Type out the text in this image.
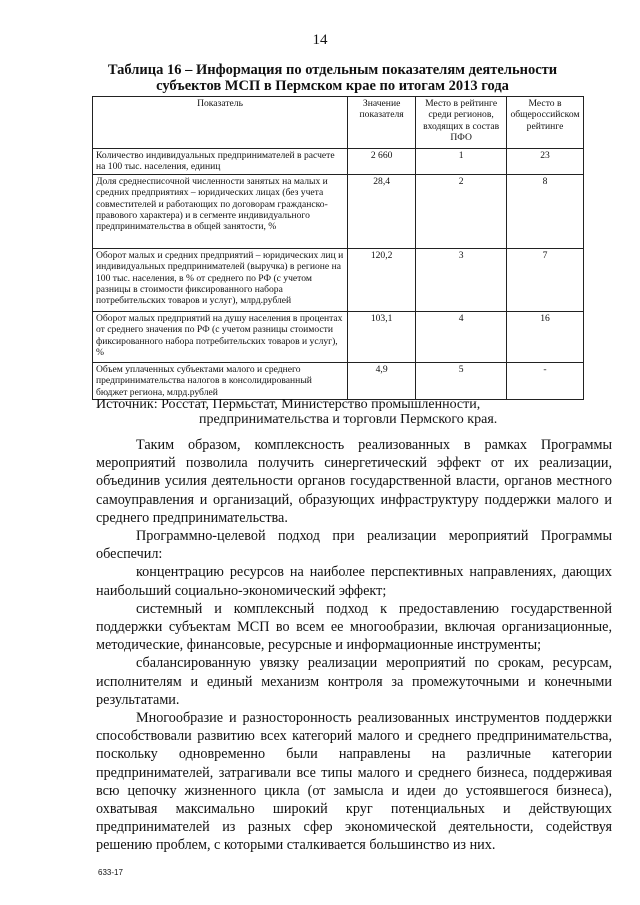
14
Таблица 16 – Информация по отдельным показателям деятельности
субъектов МСП в Пермском крае по итогам 2013 года
Показатель	Значение показателя	Место в рейтинге среди регионов, входящих в состав ПФО	Место в общероссийском рейтинге
Количество индивидуальных предпринимателей в расчете на 100 тыс. населения, единиц	2 660	1	23
Доля среднесписочной численности занятых на малых и средних предприятиях – юридических лицах (без учета совместителей и работающих по договорам гражданско-правового характера) и в сегменте индивидуального предпринимательства в общей занятости, %	28,4	2	8
Оборот малых и средних предприятий – юридических лиц и индивидуальных предпринимателей (выручка) в регионе на 100 тыс. населения, в % от среднего по РФ (с учетом разницы в стоимости фиксированного набора потребительских товаров и услуг), млрд.рублей	120,2	3	7
Оборот малых предприятий на душу населения в процентах от среднего значения по РФ (с учетом разницы стоимости фиксированного набора потребительских товаров и услуг), %	103,1	4	16
Объем уплаченных субъектами малого и среднего предпринимательства налогов в консолидированный бюджет региона, млрд.рублей	4,9	5	-
Источник: Росстат, Пермьстат, Министерство промышленности,
предпринимательства и торговли Пермского края.

Таким образом, комплексность реализованных в рамках Программы мероприятий позволила получить синергетический эффект от их реализации, объединив усилия деятельности органов государственной власти, органов местного самоуправления и организаций, образующих инфраструктуру поддержки малого и среднего предпринимательства.

Программно-целевой подход при реализации мероприятий Программы обеспечил:

концентрацию ресурсов на наиболее перспективных направлениях, дающих наибольший социально-экономический эффект;

системный и комплексный подход к предоставлению государственной поддержки субъектам МСП во всем ее многообразии, включая организационные, методические, финансовые, ресурсные и информационные инструменты;

сбалансированную увязку реализации мероприятий по срокам, ресурсам, исполнителям и единый механизм контроля за промежуточными и конечными результатами.

Многообразие и разносторонность реализованных инструментов поддержки способствовали развитию всех категорий малого и среднего предпринимательства, поскольку одновременно были направлены на различные категории предпринимателей, затрагивали все типы малого и среднего бизнеса, поддерживая всю цепочку жизненного цикла (от замысла и идеи до устоявшегося бизнеса), охватывая максимально широкий круг потенциальных и действующих предпринимателей из разных сфер экономической деятельности, содействуя решению проблем, с которыми сталкивается большинство из них.

633-17
